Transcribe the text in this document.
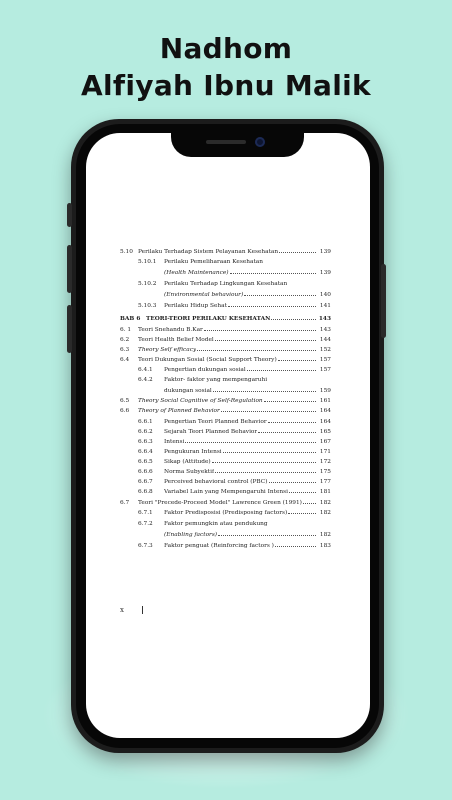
Nadhom
Alfiyah Ibnu Malik
5.10 Perilaku Terhadap Sistem Pelayanan Kesehatan	139
5.10.1	Perilaku Pemeliharaan Kesehatan
(Health Maintenance)	139
5.10.2	Perilaku Terhadap Lingkungan Kesehatan
(Environmental behaviour)	140
5.10.3	Perilaku Hidup Sehat	141
BAB 6 TEORI-TEORI PERILAKU KESEHATAN	143
6. 1	Teori Snehandu B.Kar	143
6.2	Teori Health Belief Model	144
6.3	Theory Self efficacy	152
6.4	Teori Dukungan Sosial (Social Support Theory)	157
6.4.1	Pengertian dukungan sosial	157
6.4.2	Faktor- faktor yang mempengaruhi
dukungan sosial	159
6.5	Theory Social Cognitive of Self-Regulation	161
6.6	Theory of Planned Behavior	164
6.6.1	Pengertian Teori Planned Behavior	164
6.6.2	Sejarah Teori Planned Behavior	165
6.6.3	Intensi	167
6.6.4	Pengukuran Intensi	171
6.6.5	Sikap (Attitude)	172
6.6.6	Norma Subyektif	175
6.6.7	Perceived behavioral control (PBC)	177
6.6.8	Variabel Lain yang Mempengaruhi Intensi	181
6.7	Teori "Precede-Proceed Model" Lawrence Green (1991)	182
6.7.1	Faktor Predisposisi (Predisposing factors)	182
6.7.2	Faktor pemungkin atau pendukung
(Enabling factors)	182
6.7.3	Faktor penguat (Reinforcing factors )	183
x
